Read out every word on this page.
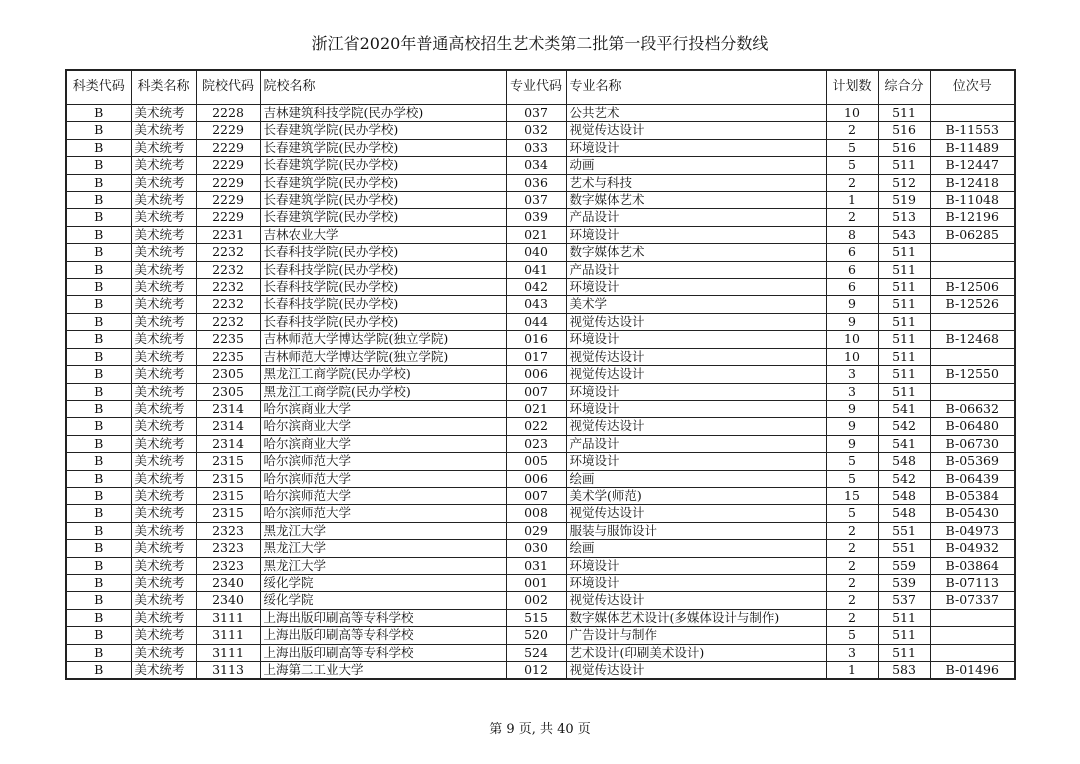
浙江省2020年普通高校招生艺术类第二批第一段平行投档分数线
科类代码	科类名称	院校代码	院校名称	专业代码	专业名称	计划数	综合分	位次号
B	美术统考	2228	吉林建筑科技学院(民办学校)	037	公共艺术	10	511	
B	美术统考	2229	长春建筑学院(民办学校)	032	视觉传达设计	2	516	B-11553
B	美术统考	2229	长春建筑学院(民办学校)	033	环境设计	5	516	B-11489
B	美术统考	2229	长春建筑学院(民办学校)	034	动画	5	511	B-12447
B	美术统考	2229	长春建筑学院(民办学校)	036	艺术与科技	2	512	B-12418
B	美术统考	2229	长春建筑学院(民办学校)	037	数字媒体艺术	1	519	B-11048
B	美术统考	2229	长春建筑学院(民办学校)	039	产品设计	2	513	B-12196
B	美术统考	2231	吉林农业大学	021	环境设计	8	543	B-06285
B	美术统考	2232	长春科技学院(民办学校)	040	数字媒体艺术	6	511	
B	美术统考	2232	长春科技学院(民办学校)	041	产品设计	6	511	
B	美术统考	2232	长春科技学院(民办学校)	042	环境设计	6	511	B-12506
B	美术统考	2232	长春科技学院(民办学校)	043	美术学	9	511	B-12526
B	美术统考	2232	长春科技学院(民办学校)	044	视觉传达设计	9	511	
B	美术统考	2235	吉林师范大学博达学院(独立学院)	016	环境设计	10	511	B-12468
B	美术统考	2235	吉林师范大学博达学院(独立学院)	017	视觉传达设计	10	511	
B	美术统考	2305	黑龙江工商学院(民办学校)	006	视觉传达设计	3	511	B-12550
B	美术统考	2305	黑龙江工商学院(民办学校)	007	环境设计	3	511	
B	美术统考	2314	哈尔滨商业大学	021	环境设计	9	541	B-06632
B	美术统考	2314	哈尔滨商业大学	022	视觉传达设计	9	542	B-06480
B	美术统考	2314	哈尔滨商业大学	023	产品设计	9	541	B-06730
B	美术统考	2315	哈尔滨师范大学	005	环境设计	5	548	B-05369
B	美术统考	2315	哈尔滨师范大学	006	绘画	5	542	B-06439
B	美术统考	2315	哈尔滨师范大学	007	美术学(师范)	15	548	B-05384
B	美术统考	2315	哈尔滨师范大学	008	视觉传达设计	5	548	B-05430
B	美术统考	2323	黑龙江大学	029	服装与服饰设计	2	551	B-04973
B	美术统考	2323	黑龙江大学	030	绘画	2	551	B-04932
B	美术统考	2323	黑龙江大学	031	环境设计	2	559	B-03864
B	美术统考	2340	绥化学院	001	环境设计	2	539	B-07113
B	美术统考	2340	绥化学院	002	视觉传达设计	2	537	B-07337
B	美术统考	3111	上海出版印刷高等专科学校	515	数字媒体艺术设计(多媒体设计与制作)	2	511	
B	美术统考	3111	上海出版印刷高等专科学校	520	广告设计与制作	5	511	
B	美术统考	3111	上海出版印刷高等专科学校	524	艺术设计(印刷美术设计)	3	511	
B	美术统考	3113	上海第二工业大学	012	视觉传达设计	1	583	B-01496
第 9 页, 共 40 页
